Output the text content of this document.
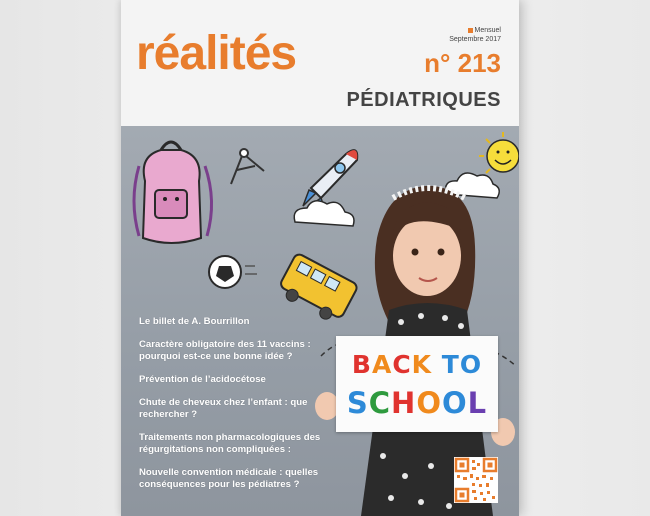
réalités	Mensuel
Septembre 2017
n° 213
PÉDIATRIQUES
Le billet de A. Bourrillon
Caractère obligatoire des 11 vaccins : pourquoi est-ce une bonne idée ?
Prévention de l’acidocétose
Chute de cheveux chez l’enfant : que rechercher ?
Traitements non pharmacologiques des régurgitations non compliquées :
Nouvelle convention médicale : quelles conséquences pour les pédiatres ?
BACK TO
SCHOOL
